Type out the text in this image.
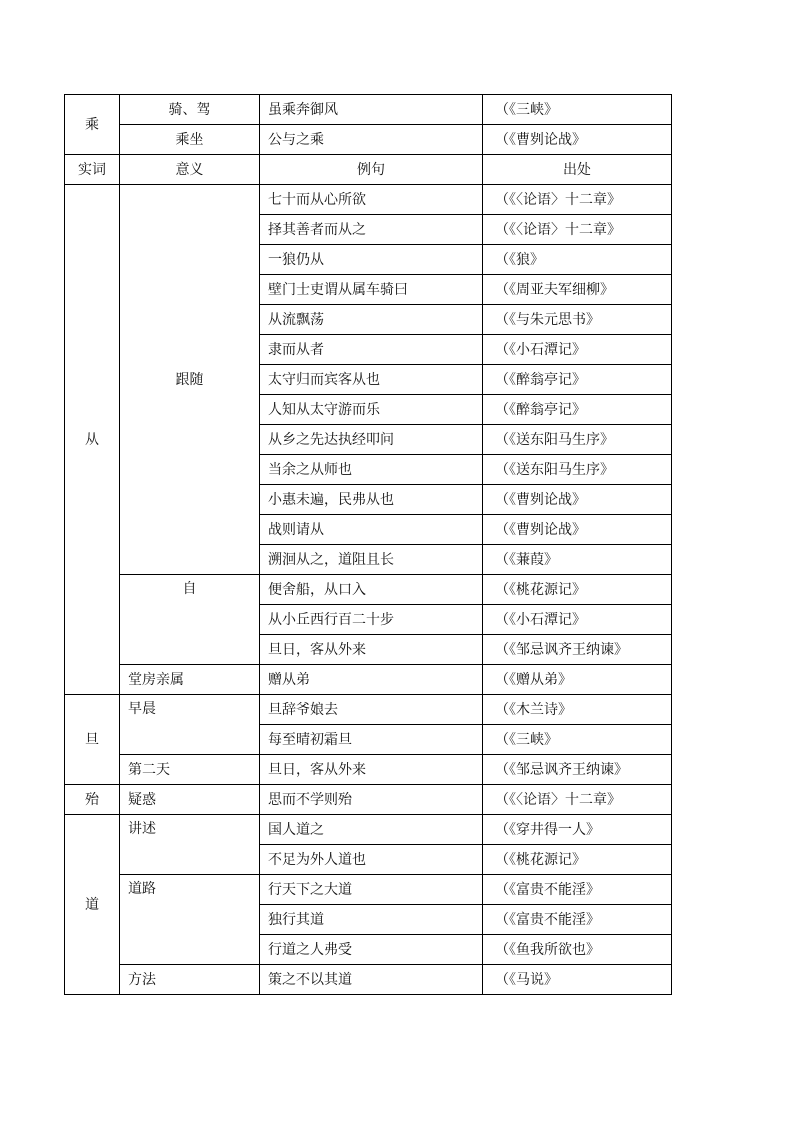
乘	骑、驾	虽乘奔御风	（《三峡》
	乘坐	公与之乘	（《曹刿论战》
实词	意义	例句	出处
从	跟随	七十而从心所欲	（《〈论语〉十二章》
		择其善者而从之	（《〈论语〉十二章》
		一狼仍从	（《狼》
		壁门士吏谓从属车骑曰	（《周亚夫军细柳》
		从流飘荡	（《与朱元思书》
		隶而从者	（《小石潭记》
		太守归而宾客从也	（《醉翁亭记》
		人知从太守游而乐	（《醉翁亭记》
		从乡之先达执经叩问	（《送东阳马生序》
		当余之从师也	（《送东阳马生序》
		小惠未遍，民弗从也	（《曹刿论战》
		战则请从	（《曹刿论战》
		溯洄从之，道阻且长	（《蒹葭》
	自	便舍船，从口入	（《桃花源记》
		从小丘西行百二十步	（《小石潭记》
		旦日，客从外来	（《邹忌讽齐王纳谏》
	堂房亲属	赠从弟	（《赠从弟》
旦	早晨	旦辞爷娘去	（《木兰诗》
		每至晴初霜旦	（《三峡》
	第二天	旦日，客从外来	（《邹忌讽齐王纳谏》
殆	疑惑	思而不学则殆	（《〈论语〉十二章》
道	讲述	国人道之	（《穿井得一人》
		不足为外人道也	（《桃花源记》
	道路	行天下之大道	（《富贵不能淫》
		独行其道	（《富贵不能淫》
		行道之人弗受	（《鱼我所欲也》
	方法	策之不以其道	（《马说》
